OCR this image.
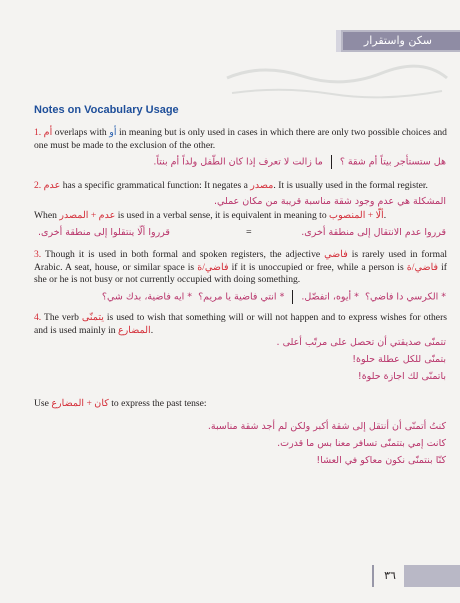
سكن واستقرار
Notes on Vocabulary Usage
1. أم overlaps with أو in meaning but is only used in cases in which there are only two possible choices and one must be made to the exclusion of the other.
هل ستستأجر بيتاً أم شقة ؟ما زالت لا تعرف إذا كان الطّفل ولداً أم بنتاً.
2. عدم has a specific grammatical function: It negates a مصدر. It is usually used in the formal register.
المشكلة هي عدم وجود شقة مناسبة قريبة من مكان عملي.
When عدم + المصدر is used in a verbal sense, it is equivalent in meaning to ألّا + المنصوب.
قرروا ألّا ينتقلوا إلى منطقة أخرى.	=	قرروا عدم الانتقال إلى منطقة أخرى.
3. Though it is used in both formal and spoken registers, the adjective فاضي is rarely used in formal Arabic. A seat, house, or similar space is فاضي/ة if it is unoccupied or free, while a person is فاضي/ة if she or he is not busy or not currently occupied with doing something.
* الكرسي دا فاضي؟  * أيوه، اتفضّل.* انتي فاضية يا مريم؟  * ايه فاضية، بدك شي؟
4. The verb يتمنّى is used to wish that something will or will not happen and to express wishes for others and is used mainly in المضارع.
تتمنّى صديقتي أن تحصل على مرتّب أعلى .
بتمنّى للكل عطلة حلوة!
باتمنّى لك اجازة حلوة!
Use كان + المضارع to express the past tense:
كنتُ أتمنّى أن أنتقل إلى شقة أكبر ولكن لم أجد شقة مناسبة.
كانت إمي بتتمنّى تسافر معنا بس ما قدرت.
كنّا بنتمنّى نكون معاكو في العشا!
٣٦
